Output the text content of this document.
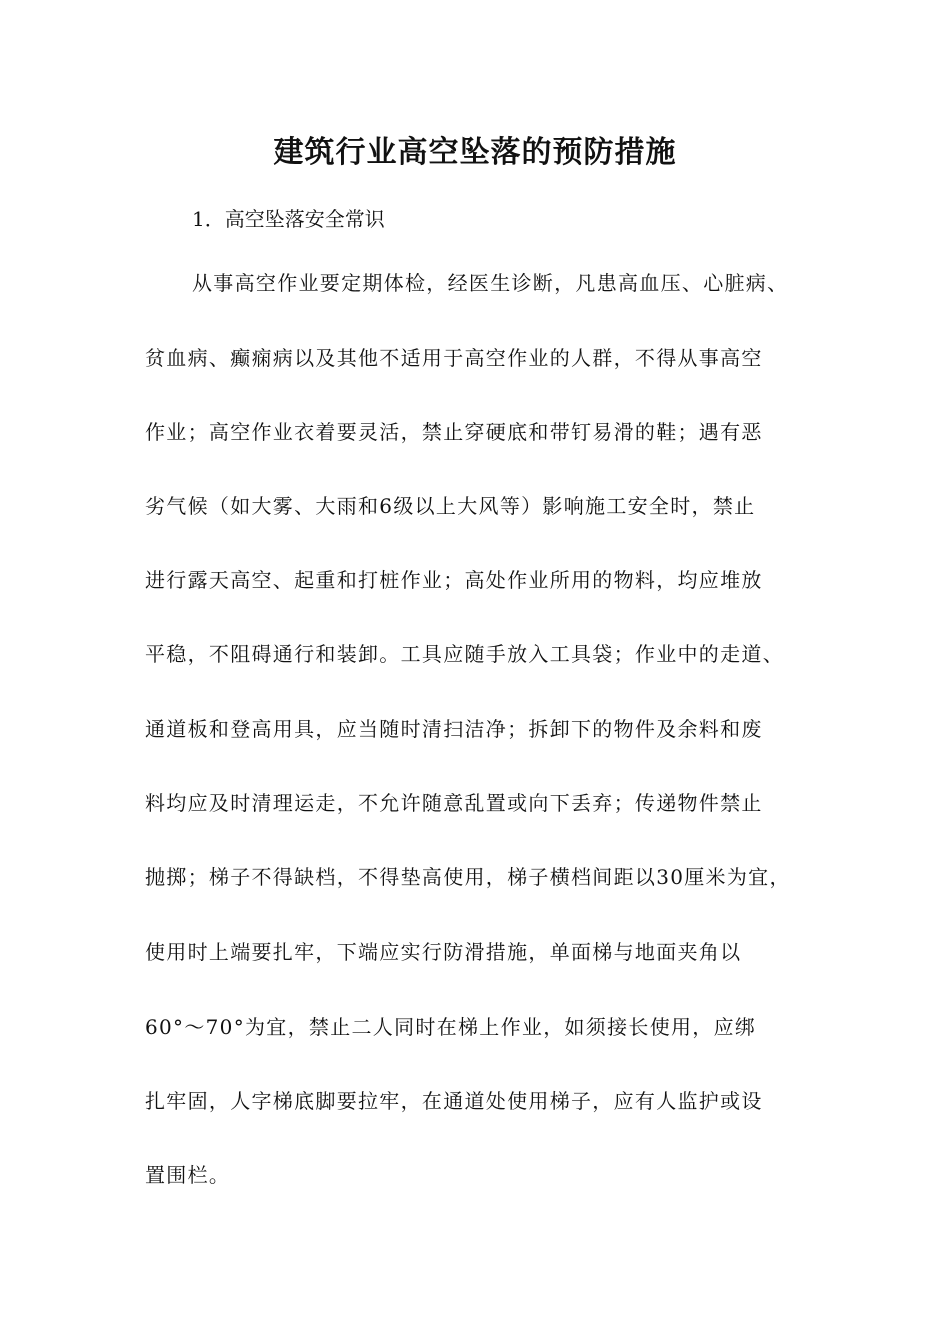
建筑行业高空坠落的预防措施

1．高空坠落安全常识

从事高空作业要定期体检，经医生诊断，凡患高血压、心脏病、
贫血病、癫痫病以及其他不适用于高空作业的人群，不得从事高空
作业；高空作业衣着要灵活，禁止穿硬底和带钉易滑的鞋；遇有恶
劣气候（如大雾、大雨和6级以上大风等）影响施工安全时，禁止
进行露天高空、起重和打桩作业；高处作业所用的物料，均应堆放
平稳，不阻碍通行和装卸。工具应随手放入工具袋；作业中的走道、
通道板和登高用具，应当随时清扫洁净；拆卸下的物件及余料和废
料均应及时清理运走，不允许随意乱置或向下丢弃；传递物件禁止
抛掷；梯子不得缺档，不得垫高使用，梯子横档间距以30厘米为宜，
使用时上端要扎牢，下端应实行防滑措施，单面梯与地面夹角以
60°～70°为宜，禁止二人同时在梯上作业，如须接长使用，应绑
扎牢固，人字梯底脚要拉牢，在通道处使用梯子，应有人监护或设
置围栏。
